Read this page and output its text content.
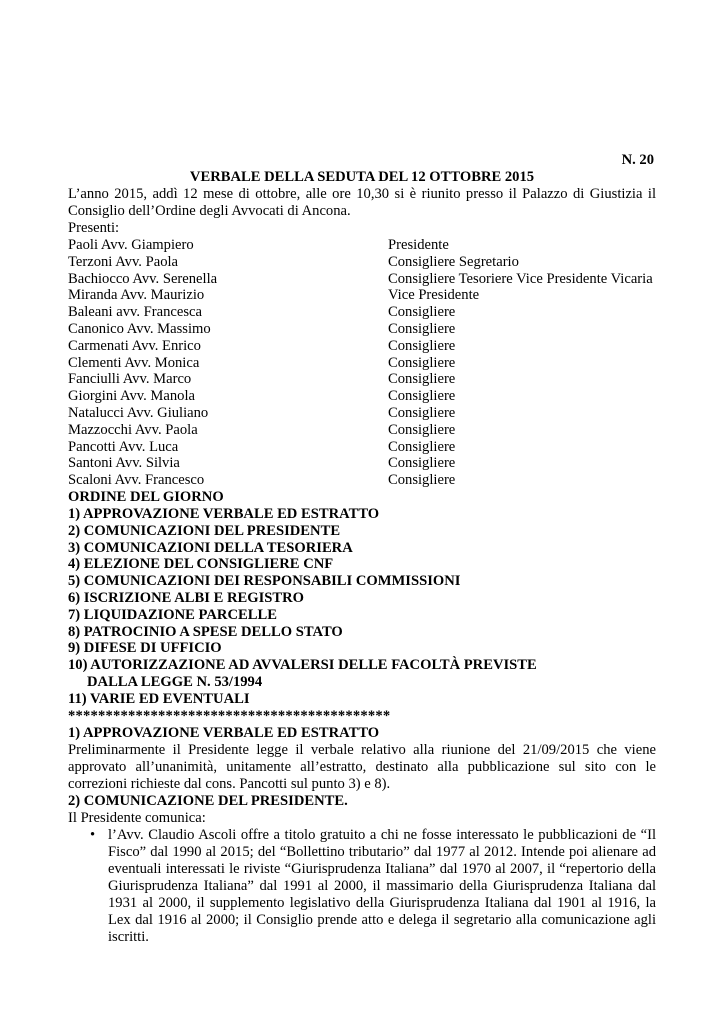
N. 20
VERBALE DELLA SEDUTA DEL 12 OTTOBRE 2015

L’anno 2015, addì 12 mese di ottobre, alle ore 10,30 si è riunito presso il Palazzo di Giustizia il Consiglio dell’Ordine degli Avvocati di Ancona.

Presenti:

Paoli Avv. Giampiero	Presidente
Terzoni Avv. Paola	Consigliere Segretario
Bachiocco Avv. Serenella	Consigliere Tesoriere Vice Presidente Vicaria
Miranda Avv. Maurizio	Vice Presidente
Baleani avv. Francesca	Consigliere
Canonico Avv. Massimo	Consigliere
Carmenati Avv. Enrico	Consigliere
Clementi Avv. Monica	Consigliere
Fanciulli Avv. Marco	Consigliere
Giorgini Avv. Manola	Consigliere
Natalucci Avv. Giuliano	Consigliere
Mazzocchi Avv. Paola	Consigliere
Pancotti Avv. Luca	Consigliere
Santoni Avv. Silvia	Consigliere
Scaloni Avv. Francesco	Consigliere

ORDINE DEL GIORNO

1) APPROVAZIONE VERBALE ED ESTRATTO
2) COMUNICAZIONI DEL PRESIDENTE
3) COMUNICAZIONI DELLA TESORIERA
4) ELEZIONE DEL CONSIGLIERE CNF
5) COMUNICAZIONI DEI RESPONSABILI COMMISSIONI
6) ISCRIZIONE ALBI E REGISTRO
7) LIQUIDAZIONE PARCELLE
8) PATROCINIO A SPESE DELLO STATO
9) DIFESE DI UFFICIO
10) AUTORIZZAZIONE AD AVVALERSI DELLE FACOLTÀ PREVISTE
DALLA LEGGE N. 53/1994
11) VARIE ED EVENTUALI
*******************************************

1) APPROVAZIONE VERBALE ED ESTRATTO

Preliminarmente il Presidente legge il verbale relativo alla riunione del 21/09/2015 che viene approvato all’unanimità, unitamente all’estratto, destinato alla pubblicazione sul sito con le correzioni richieste dal cons. Pancotti sul punto 3) e 8).

2) COMUNICAZIONE DEL PRESIDENTE.

Il Presidente comunica:

• l’Avv. Claudio Ascoli offre a titolo gratuito a chi ne fosse interessato le pubblicazioni de “Il Fisco” dal 1990 al 2015; del “Bollettino tributario” dal 1977 al 2012. Intende poi alienare ad eventuali interessati le riviste “Giurisprudenza Italiana” dal 1970 al 2007, il “repertorio della Giurisprudenza Italiana” dal 1991 al 2000, il massimario della Giurisprudenza Italiana dal 1931 al 2000, il supplemento legislativo della Giurisprudenza Italiana dal 1901 al 1916, la Lex dal 1916 al 2000; il Consiglio prende atto e delega il segretario alla comunicazione agli iscritti.
